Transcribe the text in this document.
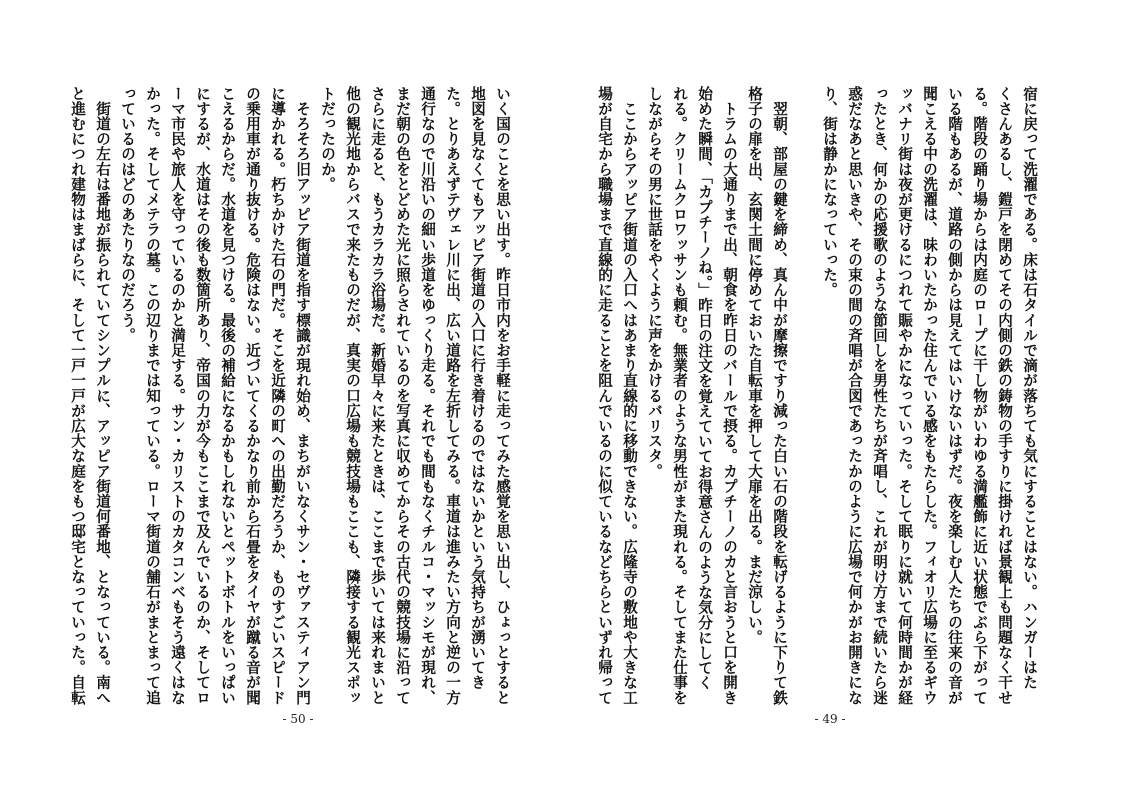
いく国のことを思い出す。昨日市内をお手軽に走ってみた感覚を思い出し、ひょっとすると
地図を見なくてもアッピア街道の入口に行き着けるのではないかという気持ちが湧いてき
た。とりあえずテヴェレ川に出、広い道路を左折してみる。車道は進みたい方向と逆の一方
通行なので川沿いの細い歩道をゆっくり走る。それでも間もなくチルコ・マッシモが現れ、
まだ朝の色をとどめた光に照らされているのを写真に収めてからその古代の競技場に沿って
さらに走ると、もうカラカラ浴場だ。新婚早々に来たときは、ここまで歩いては来れまいと
他の観光地からバスで来たものだが、真実の口広場も競技場もここも、隣接する観光スポッ
トだったのか。
　そろそろ旧アッピア街道を指す標識が現れ始め、まちがいなくサン・セヴァスティアン門
に導かれる。朽ちかけた石の門だ。そこを近隣の町への出勤だろうか、ものすごいスピード
の乗用車が通り抜ける。危険はない。近づいてくるかなり前から石畳をタイヤが蹴る音が聞
こえるからだ。水道を見つける。最後の補給になるかもしれないとペットボトルをいっぱい
にするが、水道はその後も数箇所あり、帝国の力が今もここまで及んでいるのか、そしてロ
ーマ市民や旅人を守っているのかと満足する。サン・カリストのカタコンベもそう遠くはな
かった。そしてメテラの墓。この辺りまでは知っている。ローマ街道の舗石がまとまって追
っているのはどのあたりなのだろう。
　街道の左右は番地が振られていてシンプルに、アッピア街道何番地、となっている。南へ
と進むにつれ建物はまばらに、そして一戸一戸が広大な庭をもつ邸宅となっていった。自転
- 50 -
宿に戻って洗濯である。床は石タイルで滴が落ちても気にすることはない。ハンガーはた
くさんあるし、鎧戸を閉めてその内側の鉄の鋳物の手すりに掛ければ景観上も問題なく干せ
る。階段の踊り場からは内庭のロープに干し物がいわゆる満艦飾に近い状態でぶら下がって
いる階もあるが、道路の側からは見えてはいけないはずだ。夜を楽しむ人たちの往来の音が
聞こえる中の洗濯は、味わいたかった住んでいる感をもたらした。フィオリ広場に至るギウ
ッバナリ街は夜が更けるにつれて賑やかになっていった。そして眠りに就いて何時間かが経
ったとき、何かの応援歌のような節回しを男性たちが斉唱し、これが明け方まで続いたら迷
惑だなあと思いきや、その束の間の斉唱が合図であったかのように広場で何かがお開きにな
り、街は静かになっていった。
　翌朝、部屋の鍵を締め、真ん中が摩擦ですり減った白い石の階段を転げるように下りて鉄
格子の扉を出、玄関土間に停めておいた自転車を押して大扉を出る。まだ涼しい。
　トラムの大通りまで出、朝食を昨日のバールで摂る。カプチーノのカと言おうと口を開き
始めた瞬間、「カプチーノね。」昨日の注文を覚えていてお得意さんのような気分にしてく
れる。クリームクロワッサンも頼む。無業者のような男性がまた現れる。そしてまた仕事を
しながらその男に世話をやくように声をかけるバリスタ。
　ここからアッピア街道の入口へはあまり直線的に移動できない。広隆寺の敷地や大きな工
場が自宅から職場まで直線的に走ることを阻んでいるのに似ているなどちらといずれ帰って
- 49 -
